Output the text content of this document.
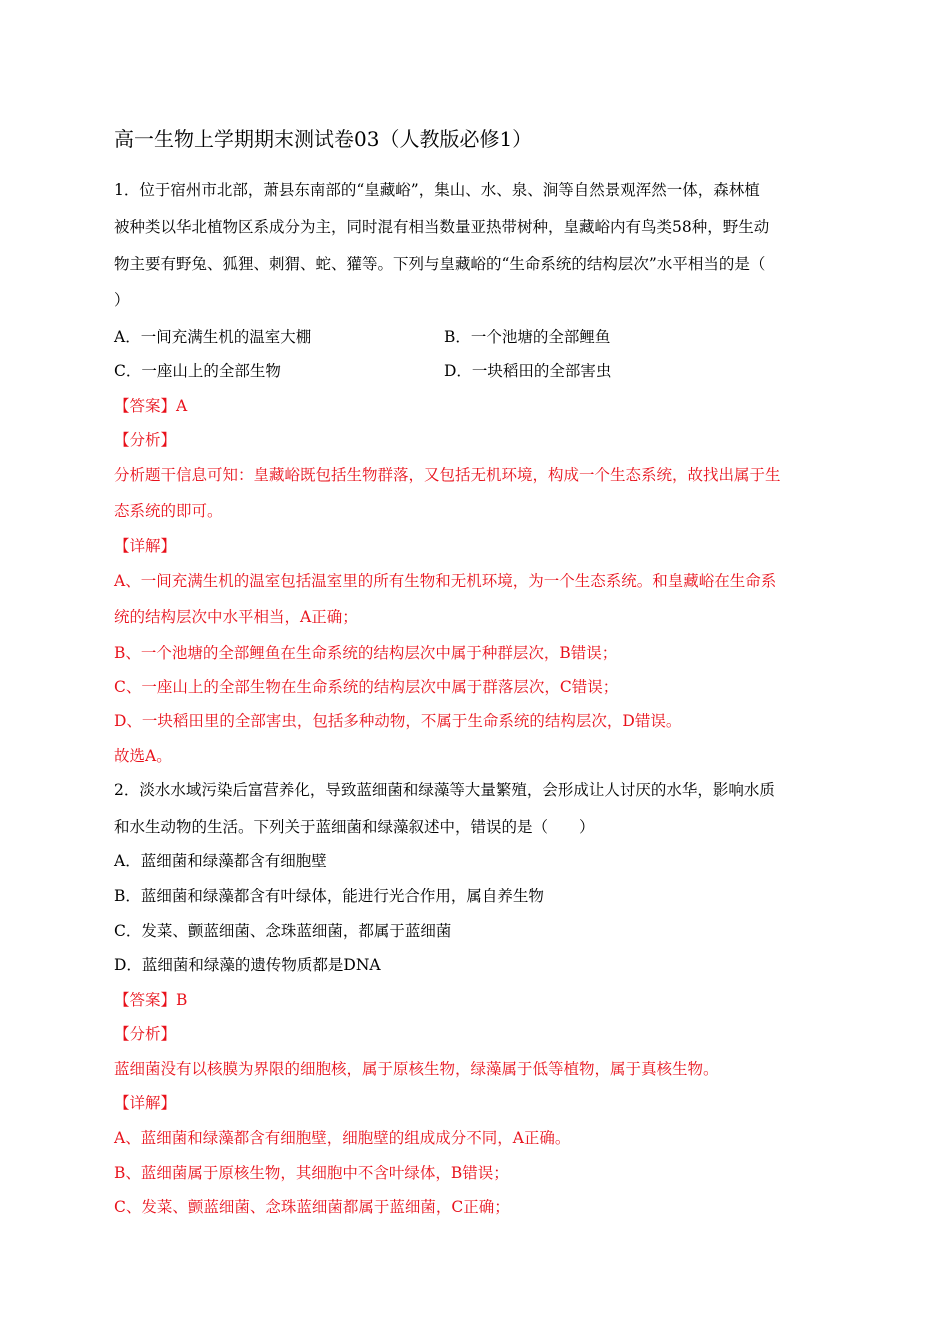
高一生物上学期期末测试卷03（人教版必修1）
1．位于宿州市北部，萧县东南部的“皇藏峪”，集山、水、泉、涧等自然景观浑然一体，森林植
被种类以华北植物区系成分为主，同时混有相当数量亚热带树种，皇藏峪内有鸟类58种，野生动
物主要有野兔、狐狸、刺猬、蛇、獾等。下列与皇藏峪的“生命系统的结构层次”水平相当的是（
）
A．一间充满生机的温室大棚	B．一个池塘的全部鲤鱼
C．一座山上的全部生物	D．一块稻田的全部害虫
【答案】A
【分析】
分析题干信息可知：皇藏峪既包括生物群落，又包括无机环境，构成一个生态系统，故找出属于生
态系统的即可。
【详解】
A、一间充满生机的温室包括温室里的所有生物和无机环境，为一个生态系统。和皇藏峪在生命系
统的结构层次中水平相当，A正确；
B、一个池塘的全部鲤鱼在生命系统的结构层次中属于种群层次，B错误；
C、一座山上的全部生物在生命系统的结构层次中属于群落层次，C错误；
D、一块稻田里的全部害虫，包括多种动物，不属于生命系统的结构层次，D错误。
故选A。
2．淡水水域污染后富营养化，导致蓝细菌和绿藻等大量繁殖，会形成让人讨厌的水华，影响水质
和水生动物的生活。下列关于蓝细菌和绿藻叙述中，错误的是（　　）
A．蓝细菌和绿藻都含有细胞壁
B．蓝细菌和绿藻都含有叶绿体，能进行光合作用，属自养生物
C．发菜、颤蓝细菌、念珠蓝细菌，都属于蓝细菌
D．蓝细菌和绿藻的遗传物质都是DNA
【答案】B
【分析】
蓝细菌没有以核膜为界限的细胞核，属于原核生物，绿藻属于低等植物，属于真核生物。
【详解】
A、蓝细菌和绿藻都含有细胞壁，细胞壁的组成成分不同，A正确。
B、蓝细菌属于原核生物，其细胞中不含叶绿体，B错误；
C、发菜、颤蓝细菌、念珠蓝细菌都属于蓝细菌，C正确；
